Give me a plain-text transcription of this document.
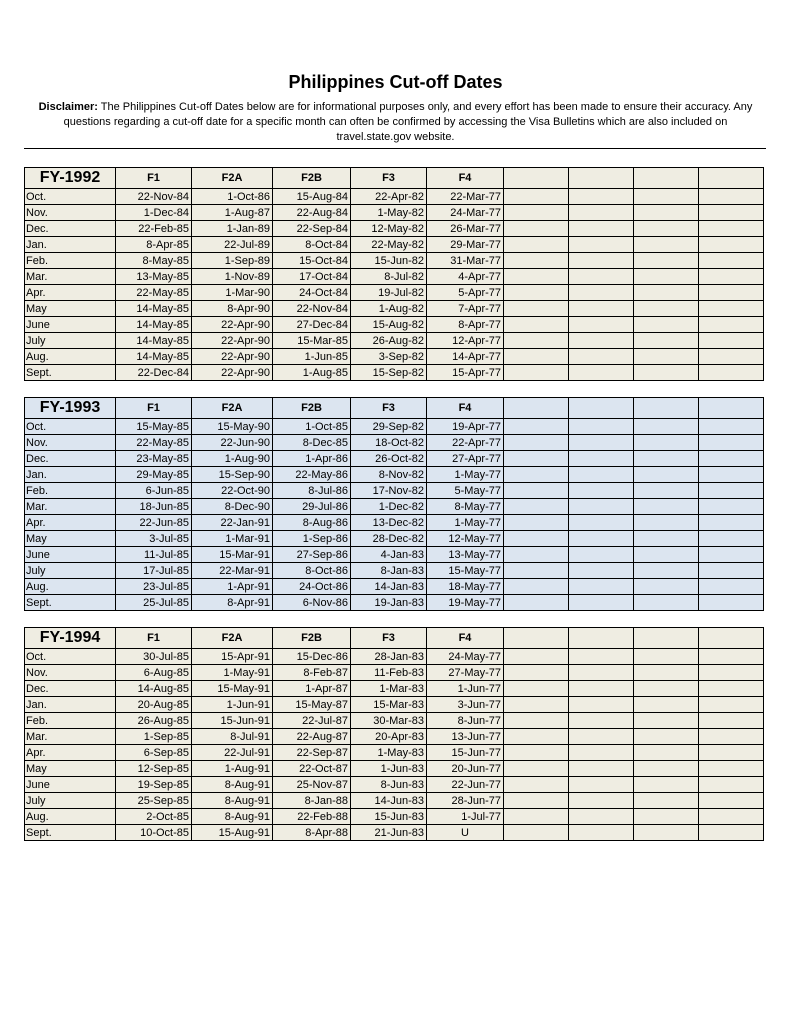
Philippines Cut-off Dates
Disclaimer: The Philippines Cut-off Dates below are for informational purposes only, and every effort has been made to ensure their accuracy. Any questions regarding a cut-off date for a specific month can often be confirmed by accessing the Visa Bulletins which are also included on travel.state.gov website.
FY-1992	F1	F2A	F2B	F3	F4				
Oct.	22-Nov-84	1-Oct-86	15-Aug-84	22-Apr-82	22-Mar-77				
Nov.	1-Dec-84	1-Aug-87	22-Aug-84	1-May-82	24-Mar-77				
Dec.	22-Feb-85	1-Jan-89	22-Sep-84	12-May-82	26-Mar-77				
Jan.	8-Apr-85	22-Jul-89	8-Oct-84	22-May-82	29-Mar-77				
Feb.	8-May-85	1-Sep-89	15-Oct-84	15-Jun-82	31-Mar-77				
Mar.	13-May-85	1-Nov-89	17-Oct-84	8-Jul-82	4-Apr-77				
Apr.	22-May-85	1-Mar-90	24-Oct-84	19-Jul-82	5-Apr-77				
May	14-May-85	8-Apr-90	22-Nov-84	1-Aug-82	7-Apr-77				
June	14-May-85	22-Apr-90	27-Dec-84	15-Aug-82	8-Apr-77				
July	14-May-85	22-Apr-90	15-Mar-85	26-Aug-82	12-Apr-77				
Aug.	14-May-85	22-Apr-90	1-Jun-85	3-Sep-82	14-Apr-77				
Sept.	22-Dec-84	22-Apr-90	1-Aug-85	15-Sep-82	15-Apr-77				
FY-1993	F1	F2A	F2B	F3	F4				
Oct.	15-May-85	15-May-90	1-Oct-85	29-Sep-82	19-Apr-77				
Nov.	22-May-85	22-Jun-90	8-Dec-85	18-Oct-82	22-Apr-77				
Dec.	23-May-85	1-Aug-90	1-Apr-86	26-Oct-82	27-Apr-77				
Jan.	29-May-85	15-Sep-90	22-May-86	8-Nov-82	1-May-77				
Feb.	6-Jun-85	22-Oct-90	8-Jul-86	17-Nov-82	5-May-77				
Mar.	18-Jun-85	8-Dec-90	29-Jul-86	1-Dec-82	8-May-77				
Apr.	22-Jun-85	22-Jan-91	8-Aug-86	13-Dec-82	1-May-77				
May	3-Jul-85	1-Mar-91	1-Sep-86	28-Dec-82	12-May-77				
June	11-Jul-85	15-Mar-91	27-Sep-86	4-Jan-83	13-May-77				
July	17-Jul-85	22-Mar-91	8-Oct-86	8-Jan-83	15-May-77				
Aug.	23-Jul-85	1-Apr-91	24-Oct-86	14-Jan-83	18-May-77				
Sept.	25-Jul-85	8-Apr-91	6-Nov-86	19-Jan-83	19-May-77				
FY-1994	F1	F2A	F2B	F3	F4				
Oct.	30-Jul-85	15-Apr-91	15-Dec-86	28-Jan-83	24-May-77				
Nov.	6-Aug-85	1-May-91	8-Feb-87	11-Feb-83	27-May-77				
Dec.	14-Aug-85	15-May-91	1-Apr-87	1-Mar-83	1-Jun-77				
Jan.	20-Aug-85	1-Jun-91	15-May-87	15-Mar-83	3-Jun-77				
Feb.	26-Aug-85	15-Jun-91	22-Jul-87	30-Mar-83	8-Jun-77				
Mar.	1-Sep-85	8-Jul-91	22-Aug-87	20-Apr-83	13-Jun-77				
Apr.	6-Sep-85	22-Jul-91	22-Sep-87	1-May-83	15-Jun-77				
May	12-Sep-85	1-Aug-91	22-Oct-87	1-Jun-83	20-Jun-77				
June	19-Sep-85	8-Aug-91	25-Nov-87	8-Jun-83	22-Jun-77				
July	25-Sep-85	8-Aug-91	8-Jan-88	14-Jun-83	28-Jun-77				
Aug.	2-Oct-85	8-Aug-91	22-Feb-88	15-Jun-83	1-Jul-77				
Sept.	10-Oct-85	15-Aug-91	8-Apr-88	21-Jun-83	U				
